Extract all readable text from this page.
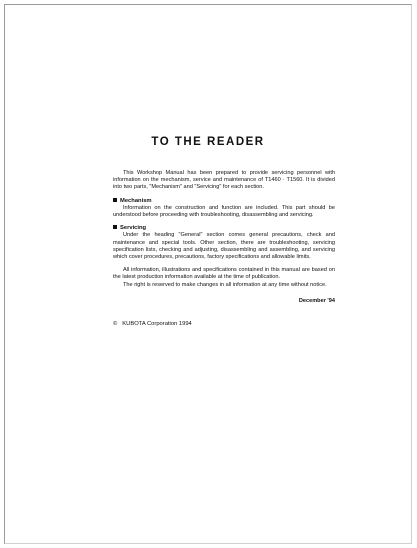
TO THE READER

This Workshop Manual has been prepared to provide servicing personnel with information on the mechanism, service and maintenance of T1460 · T1560. It is divided into two parts, "Mechanism" and "Servicing" for each section.

Mechanism

Information on the construction and function are included. This part should be understood before proceeding with troubleshooting, disassembling and servicing.

Servicing

Under the heading "General" section comes general precautions, check and maintenance and special tools. Other section, there are troubleshooting, servicing specification lists, checking and adjusting, disassembling and assembling, and servicing which cover procedures, precautions, factory specifications and allowable limits.

All information, illustrations and specifications contained in this manual are based on the latest production information available at the time of publication.

The right is reserved to make changes in all information at any time without notice.

December '94

© KUBOTA Corporation 1994
